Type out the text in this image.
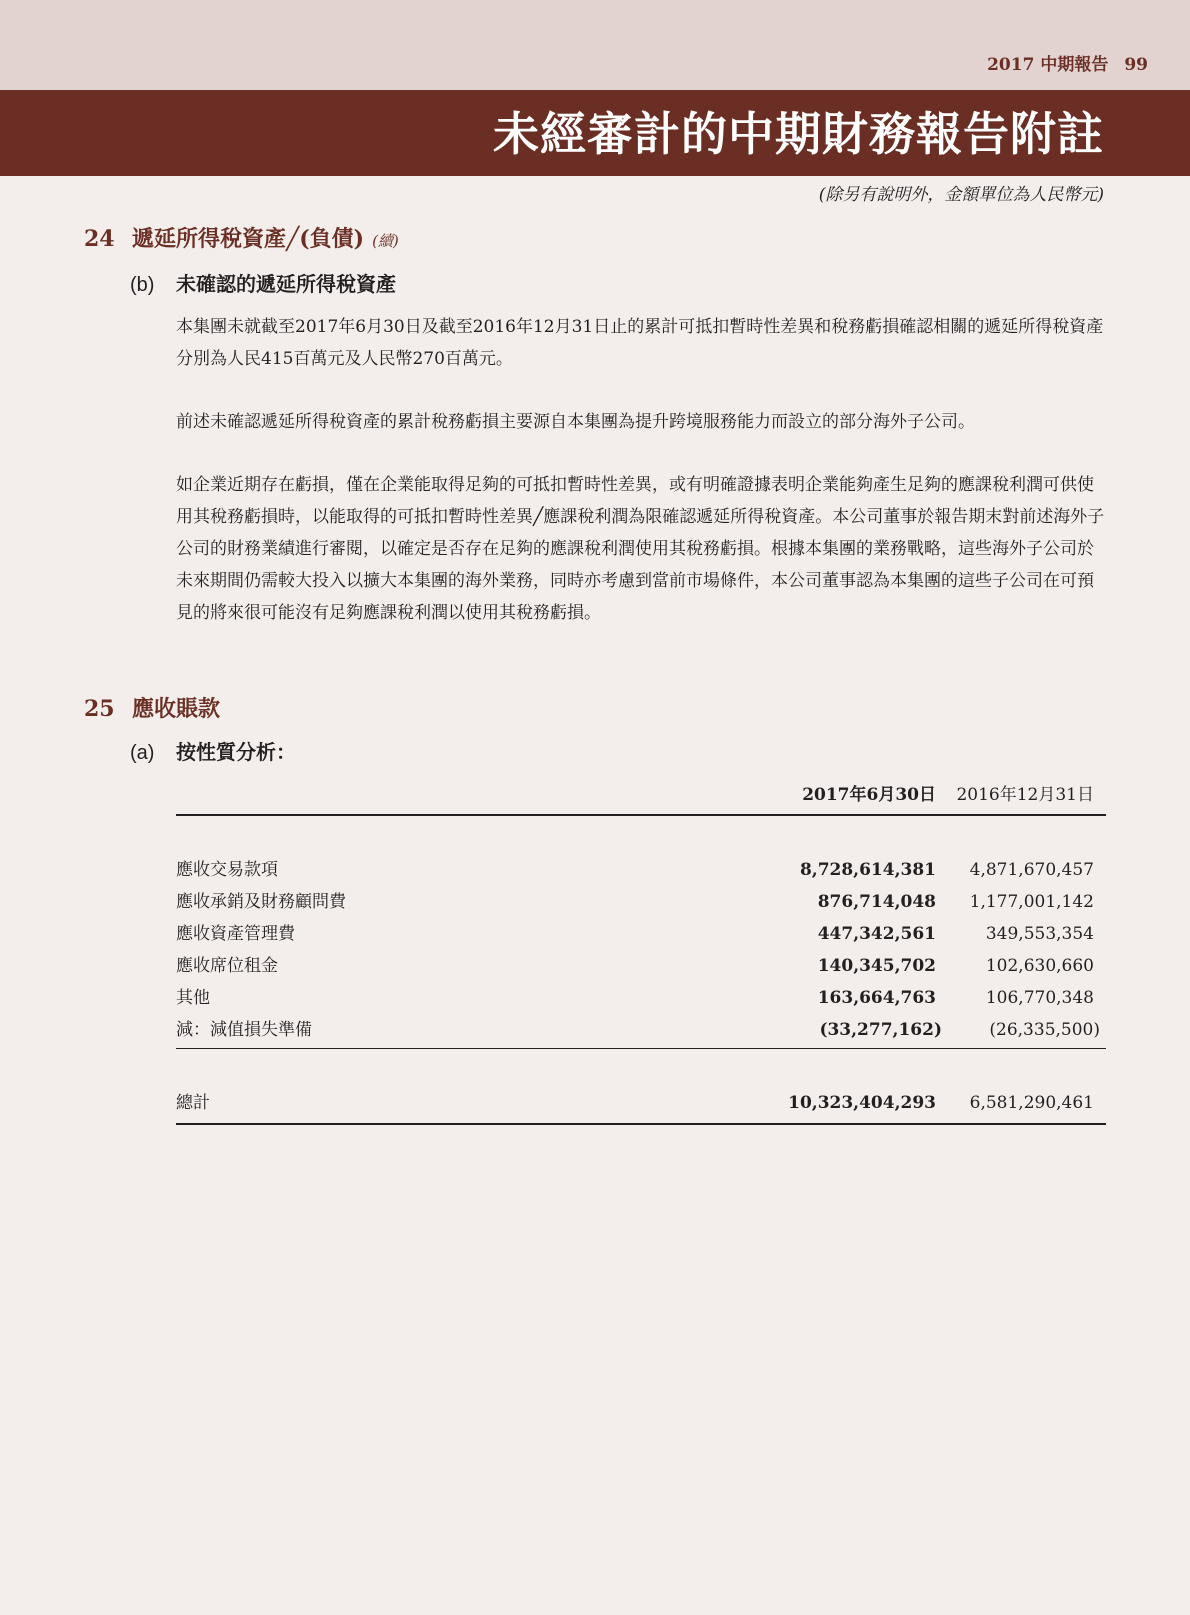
2017 中期報告 99
未經審計的中期財務報告附註
(除另有說明外，金額單位為人民幣元)
24 遞延所得稅資產╱(負債) (續)
(b)	未確認的遞延所得稅資產

本集團未就截至2017年6月30日及截至2016年12月31日止的累計可抵扣暫時性差異和稅務虧損確認相關的遞延所得稅資產分別為人民415百萬元及人民幣270百萬元。

前述未確認遞延所得稅資產的累計稅務虧損主要源自本集團為提升跨境服務能力而設立的部分海外子公司。

如企業近期存在虧損，僅在企業能取得足夠的可抵扣暫時性差異，或有明確證據表明企業能夠產生足夠的應課稅利潤可供使用其稅務虧損時，以能取得的可抵扣暫時性差異╱應課稅利潤為限確認遞延所得稅資產。本公司董事於報告期末對前述海外子公司的財務業績進行審閱，以確定是否存在足夠的應課稅利潤使用其稅務虧損。根據本集團的業務戰略，這些海外子公司於未來期間仍需較大投入以擴大本集團的海外業務，同時亦考慮到當前市場條件，本公司董事認為本集團的這些子公司在可預見的將來很可能沒有足夠應課稅利潤以使用其稅務虧損。

25 應收賬款
(a)	按性質分析：
2017年6月30日 2016年12月31日
應收交易款項	8,728,614,381 4,871,670,457
應收承銷及財務顧問費	876,714,048 1,177,001,142
應收資產管理費	447,342,561	349,553,354
應收席位租金	140,345,702	102,630,660
其他	163,664,763	106,770,348
減：減值損失準備	(33,277,162)	(26,335,500)
總計	10,323,404,293 6,581,290,461
